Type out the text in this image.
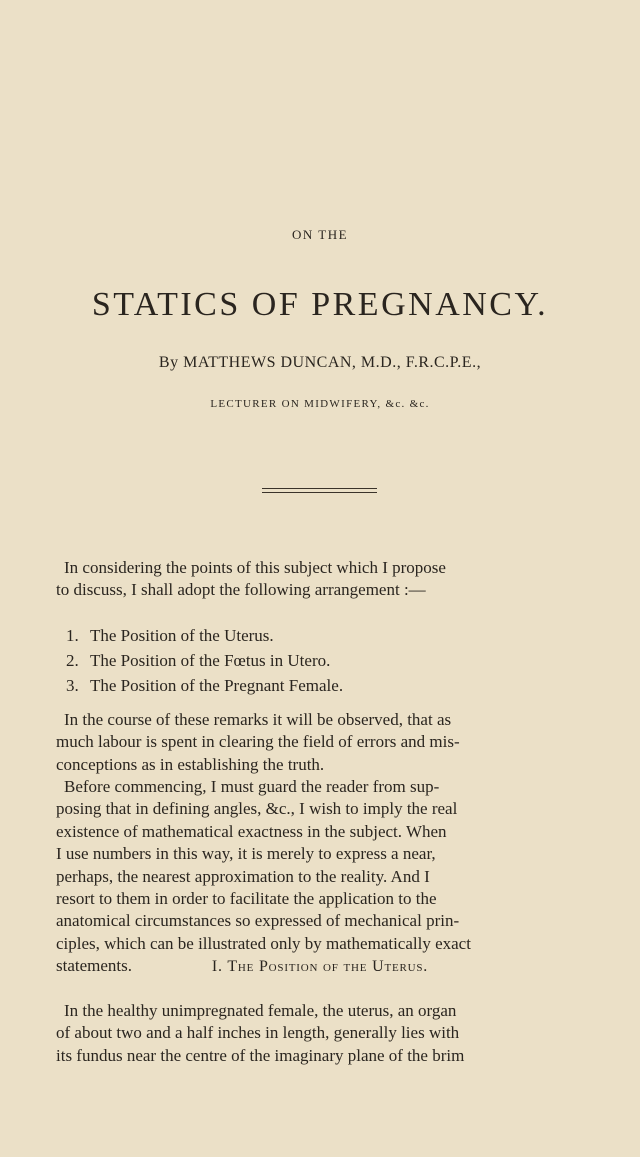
ON THE
STATICS OF PREGNANCY.
By MATTHEWS DUNCAN, M.D., F.R.C.P.E.,
LECTURER ON MIDWIFERY, &c. &c.
In considering the points of this subject which I propose
to discuss, I shall adopt the following arrangement :—
1. The Position of the Uterus.
2. The Position of the Fœtus in Utero.
3. The Position of the Pregnant Female.
In the course of these remarks it will be observed, that as
much labour is spent in clearing the field of errors and mis-
conceptions as in establishing the truth.
Before commencing, I must guard the reader from sup-
posing that in defining angles, &c., I wish to imply the real
existence of mathematical exactness in the subject. When
I use numbers in this way, it is merely to express a near,
perhaps, the nearest approximation to the reality. And I
resort to them in order to facilitate the application to the
anatomical circumstances so expressed of mechanical prin-
ciples, which can be illustrated only by mathematically exact
statements.	I. The Position of the Uterus.
In the healthy unimpregnated female, the uterus, an organ
of about two and a half inches in length, generally lies with
its fundus near the centre of the imaginary plane of the brim
